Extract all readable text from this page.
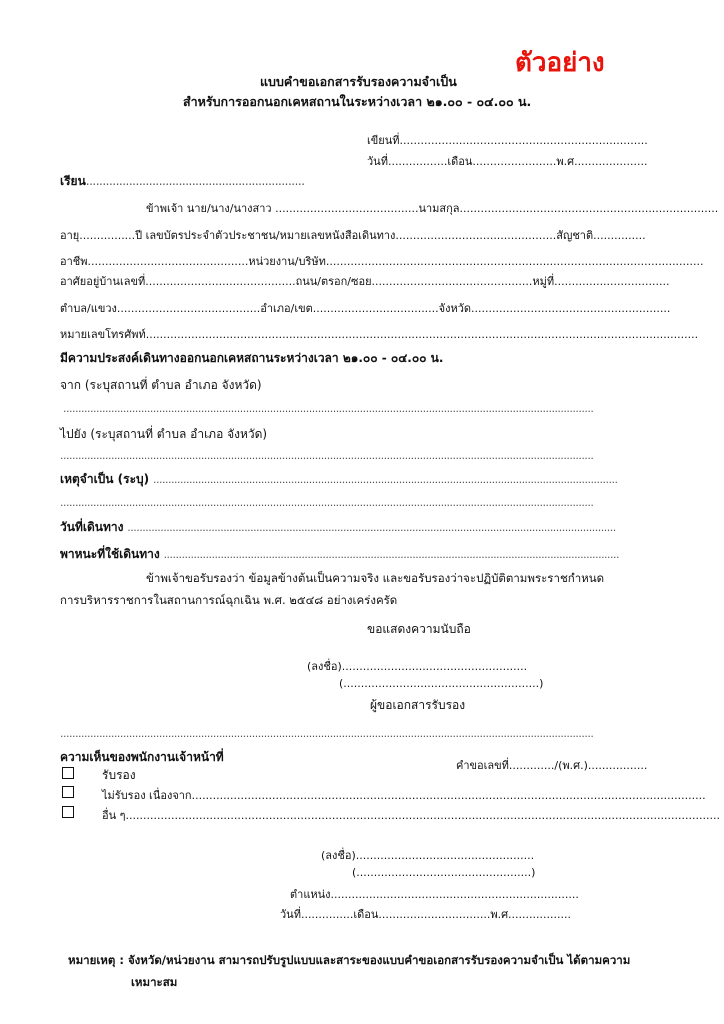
ตัวอย่าง
แบบคำขอเอกสารรับรองความจำเป็น
สำหรับการออกนอกเคหสถานในระหว่างเวลา ๒๑.๐๐ - ๐๔.๐๐ น.
เขียนที่.......................................................................
วันที่.................เดือน........................พ.ศ.....................
เรียน..................................................................
ข้าพเจ้า นาย/นาง/นางสาว .........................................นามสกุล..........................................................................
อายุ................ปี เลขบัตรประจำตัวประชาชน/หมายเลขหนังสือเดินทาง..............................................สัญชาติ...............
อาชีพ..............................................หน่วยงาน/บริษัท............................................................................................................
อาศัยอยู่บ้านเลขที่...........................................ถนน/ตรอก/ซอย..............................................หมู่ที่.................................
ตำบล/แขวง.........................................อำเภอ/เขต....................................จังหวัด.........................................................
หมายเลขโทรศัพท์..............................................................................................................................................................
มีความประสงค์เดินทางออกนอกเคหสถานระหว่างเวลา ๒๑.๐๐ - ๐๔.๐๐ น.
จาก (ระบุสถานที่ ตำบล อำเภอ จังหวัด)
.................................................................................................................................................................................
ไปยัง (ระบุสถานที่ ตำบล อำเภอ จังหวัด)
..................................................................................................................................................................................
เหตุจำเป็น (ระบุ) ...........................................................................................................................................................
..................................................................................................................................................................................
วันที่เดินทาง ...................................................................................................................................................................
พาหนะที่ใช้เดินทาง ........................................................................................................................................................
ข้าพเจ้าขอรับรองว่า ข้อมูลข้างต้นเป็นความจริง และขอรับรองว่าจะปฏิบัติตามพระราชกำหนด
การบริหารราชการในสถานการณ์ฉุกเฉิน พ.ศ. ๒๕๔๘ อย่างเคร่งครัด
ขอแสดงความนับถือ
(ลงชื่อ).....................................................
(........................................................)
ผู้ขอเอกสารรับรอง
..................................................................................................................................................................................
ความเห็นของพนักงานเจ้าหน้าที่
คำขอเลขที่............./(พ.ศ.).................
รับรอง
ไม่รับรอง เนื่องจาก...................................................................................................................................................
อื่น ๆ..........................................................................................................................................................................
(ลงชื่อ)...................................................
(..................................................)
ตำแหน่ง.......................................................................
วันที่...............เดือน................................พ.ศ..................
หมายเหตุ : จังหวัด/หน่วยงาน สามารถปรับรูปแบบและสาระของแบบคำขอเอกสารรับรองความจำเป็น ได้ตามความ
เหมาะสม
